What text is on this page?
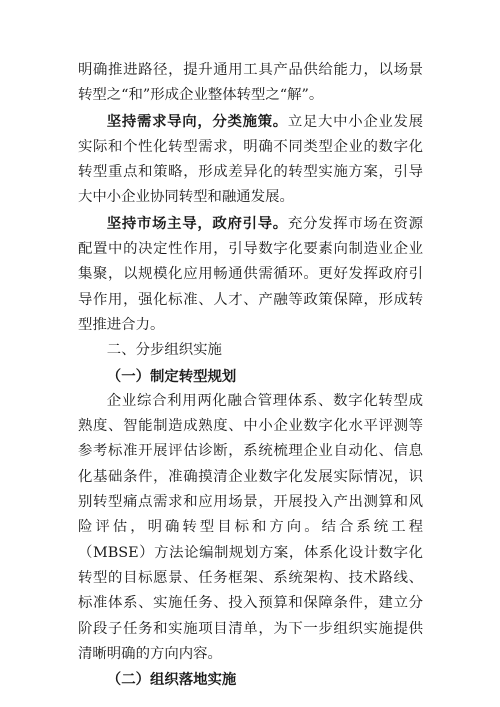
明确推进路径，提升通用工具产品供给能力，以场景转型之“和”形成企业整体转型之“解”。

坚持需求导向，分类施策。立足大中小企业发展实际和个性化转型需求，明确不同类型企业的数字化转型重点和策略，形成差异化的转型实施方案，引导大中小企业协同转型和融通发展。

坚持市场主导，政府引导。充分发挥市场在资源配置中的决定性作用，引导数字化要素向制造业企业集聚，以规模化应用畅通供需循环。更好发挥政府引导作用，强化标准、人才、产融等政策保障，形成转型推进合力。

二、分步组织实施

（一）制定转型规划

企业综合利用两化融合管理体系、数字化转型成熟度、智能制造成熟度、中小企业数字化水平评测等参考标准开展评估诊断，系统梳理企业自动化、信息化基础条件，准确摸清企业数字化发展实际情况，识别转型痛点需求和应用场景，开展投入产出测算和风险评估，明确转型目标和方向。结合系统工程（MBSE）方法论编制规划方案，体系化设计数字化转型的目标愿景、任务框架、系统架构、技术路线、标准体系、实施任务、投入预算和保障条件，建立分阶段子任务和实施项目清单，为下一步组织实施提供清晰明确的方向内容。

（二）组织落地实施
